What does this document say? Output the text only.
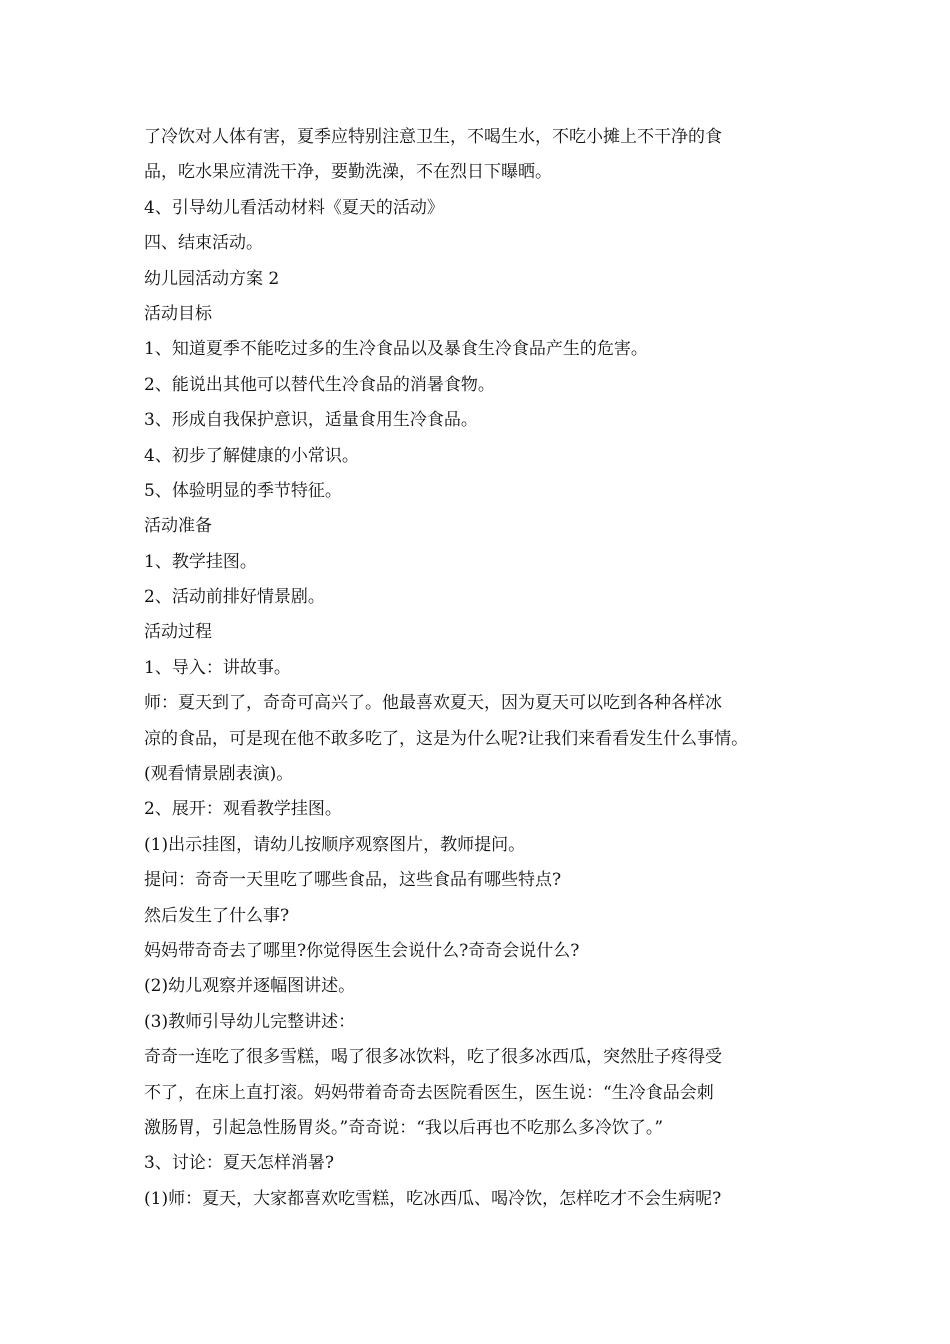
了冷饮对人体有害，夏季应特别注意卫生，不喝生水，不吃小摊上不干净的食

品，吃水果应清洗干净，要勤洗澡，不在烈日下曝晒。

4、引导幼儿看活动材料《夏天的活动》

四、结束活动。

幼儿园活动方案 2

活动目标

1、知道夏季不能吃过多的生冷食品以及暴食生冷食品产生的危害。

2、能说出其他可以替代生冷食品的消暑食物。

3、形成自我保护意识，适量食用生冷食品。

4、初步了解健康的小常识。

5、体验明显的季节特征。

活动准备

1、教学挂图。

2、活动前排好情景剧。

活动过程

1、导入：讲故事。

师：夏天到了，奇奇可高兴了。他最喜欢夏天，因为夏天可以吃到各种各样冰

凉的食品，可是现在他不敢多吃了，这是为什么呢?让我们来看看发生什么事情。

(观看情景剧表演)。

2、展开：观看教学挂图。

(1)出示挂图，请幼儿按顺序观察图片，教师提问。

提问：奇奇一天里吃了哪些食品，这些食品有哪些特点?

然后发生了什么事?

妈妈带奇奇去了哪里?你觉得医生会说什么?奇奇会说什么?

(2)幼儿观察并逐幅图讲述。

(3)教师引导幼儿完整讲述：

奇奇一连吃了很多雪糕，喝了很多冰饮料，吃了很多冰西瓜，突然肚子疼得受

不了，在床上直打滚。妈妈带着奇奇去医院看医生，医生说：“生冷食品会刺

激肠胃，引起急性肠胃炎。”奇奇说：“我以后再也不吃那么多冷饮了。”

3、讨论：夏天怎样消暑?

(1)师：夏天，大家都喜欢吃雪糕，吃冰西瓜、喝冷饮，怎样吃才不会生病呢?
